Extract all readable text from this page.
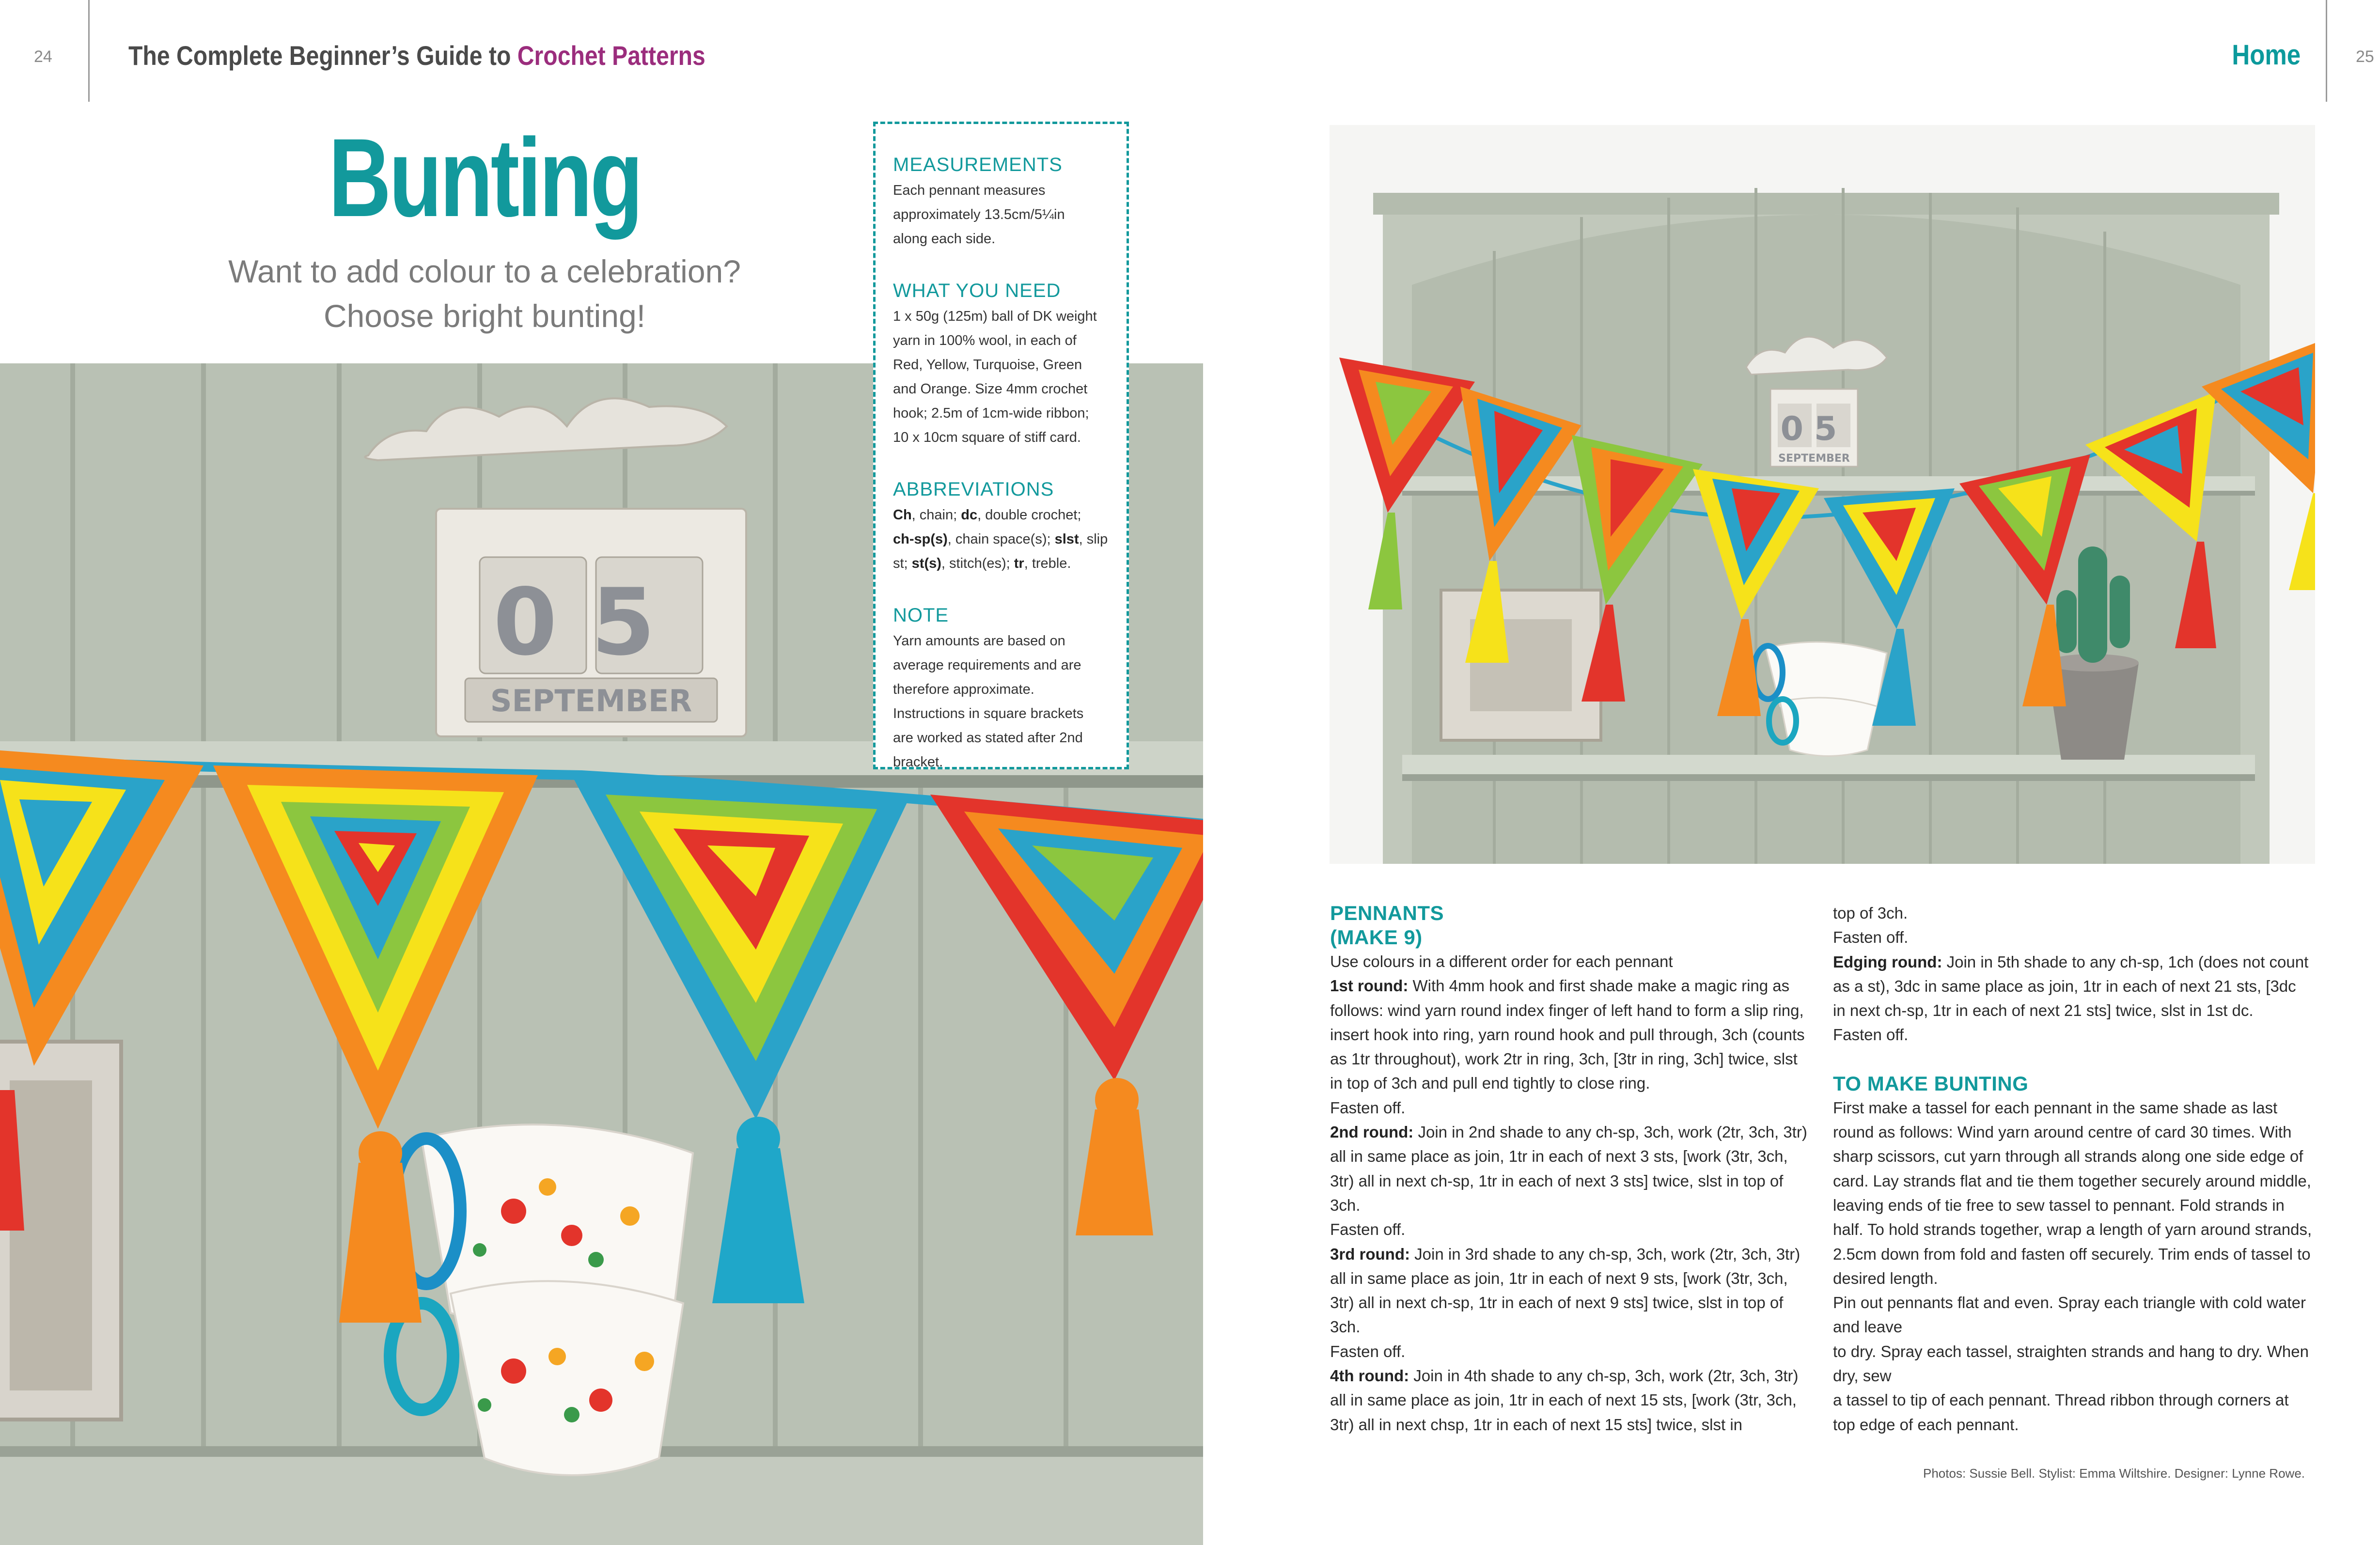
24	The Complete Beginner’s Guide to Crochet Patterns	Home	25
Bunting
Want to add colour to a celebration?
Choose bright bunting!
05
SEPTEMBER
MEASUREMENTS
Each pennant measures
approximately 13.5cm/5¼in
along each side.
WHAT YOU NEED
1 x 50g (125m) ball of DK weight
yarn in 100% wool, in each of
Red, Yellow, Turquoise, Green
and Orange. Size 4mm crochet
hook; 2.5m of 1cm-wide ribbon;
10 x 10cm square of stiff card.
ABBREVIATIONS
Ch, chain; dc, double crochet;
ch-sp(s), chain space(s); slst, slip
st; st(s), stitch(es); tr, treble.
NOTE
Yarn amounts are based on
average requirements and are
therefore approximate.
Instructions in square brackets
are worked as stated after 2nd
bracket.
05
SEPTEMBER
PENNANTS
(MAKE 9)

Use colours in a different order for each pennant

1st round: With 4mm hook and first shade make a magic ring as follows: wind yarn round index finger of left hand to form a slip ring, insert hook into ring, yarn round hook and pull through, 3ch (counts as 1tr throughout), work 2tr in ring, 3ch, [3tr in ring, 3ch] twice, slst in top of 3ch and pull end tightly to close ring.

Fasten off.

2nd round: Join in 2nd shade to any ch-sp, 3ch, work (2tr, 3ch, 3tr) all in same place as join, 1tr in each of next 3 sts, [work (3tr, 3ch, 3tr) all in next ch-sp, 1tr in each of next 3 sts] twice, slst in top of 3ch.

Fasten off.

3rd round: Join in 3rd shade to any ch-sp, 3ch, work (2tr, 3ch, 3tr) all in same place as join, 1tr in each of next 9 sts, [work (3tr, 3ch, 3tr) all in next ch-sp, 1tr in each of next 9 sts] twice, slst in top of 3ch.

Fasten off.

4th round: Join in 4th shade to any ch-sp, 3ch, work (2tr, 3ch, 3tr) all in same place as join, 1tr in each of next 15 sts, [work (3tr, 3ch, 3tr) all in next chsp, 1tr in each of next 15 sts] twice, slst in

top of 3ch.

Fasten off.

Edging round: Join in 5th shade to any ch-sp, 1ch (does not count as a st), 3dc in same place as join, 1tr in each of next 21 sts, [3dc in next ch-sp, 1tr in each of next 21 sts] twice, slst in 1st dc.

Fasten off.

TO MAKE BUNTING

First make a tassel for each pennant in the same shade as last round as follows: Wind yarn around centre of card 30 times. With sharp scissors, cut yarn through all strands along one side edge of card. Lay strands flat and tie them together securely around middle, leaving ends of tie free to sew tassel to pennant. Fold strands in half. To hold strands together, wrap a length of yarn around strands, 2.5cm down from fold and fasten off securely. Trim ends of tassel to desired length.

Pin out pennants flat and even. Spray each triangle with cold water and leave

to dry. Spray each tassel, straighten strands and hang to dry. When dry, sew

a tassel to tip of each pennant. Thread ribbon through corners at top edge of each pennant.

Photos: Sussie Bell. Stylist: Emma Wiltshire. Designer: Lynne Rowe.
